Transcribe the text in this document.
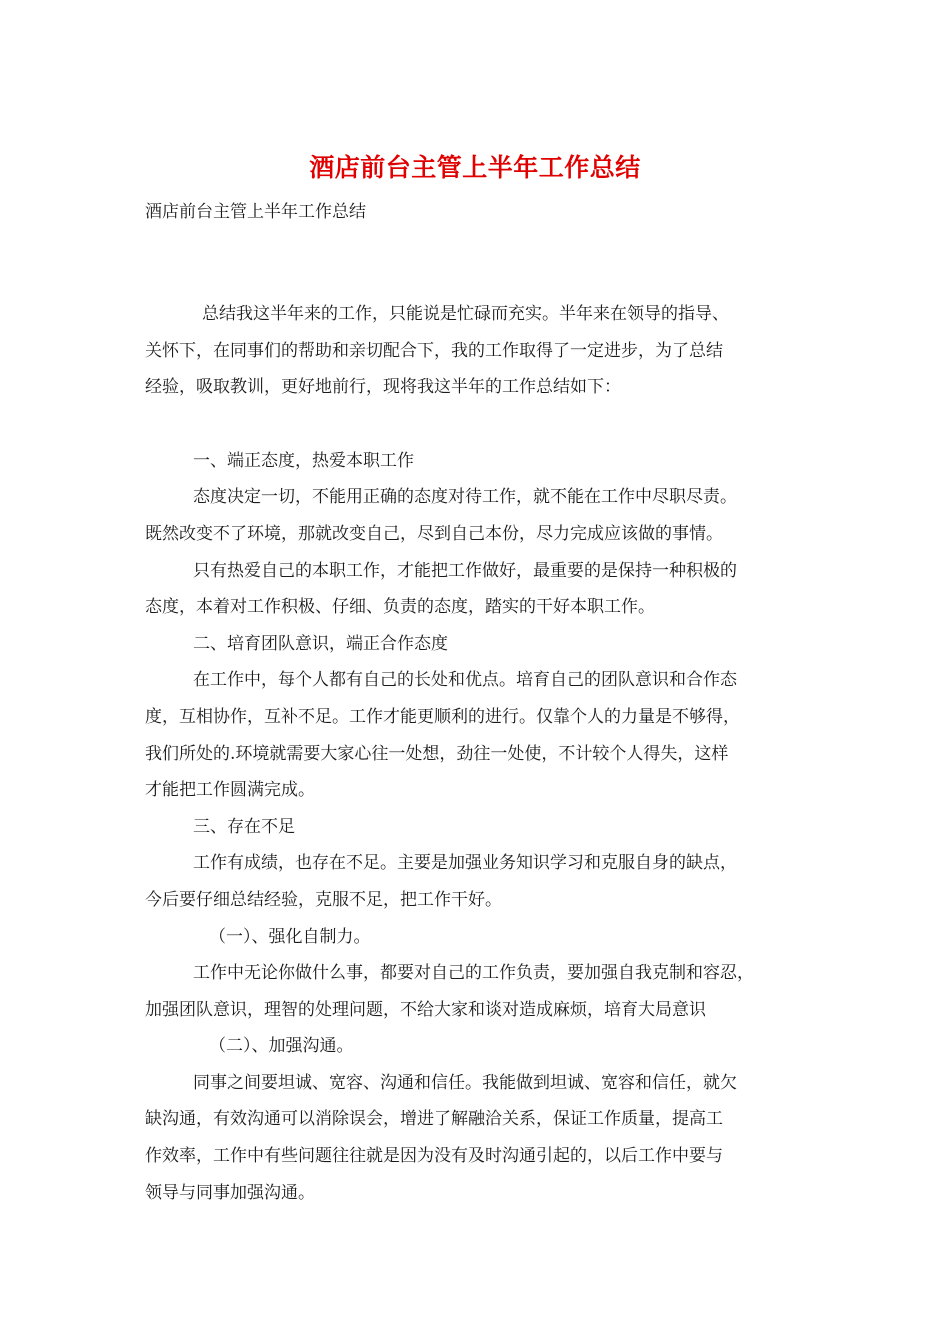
酒店前台主管上半年工作总结
酒店前台主管上半年工作总结

总结我这半年来的工作，只能说是忙碌而充实。半年来在领导的指导、

关怀下，在同事们的帮助和亲切配合下，我的工作取得了一定进步，为了总结

经验，吸取教训，更好地前行，现将我这半年的工作总结如下：

一、端正态度，热爱本职工作

态度决定一切，不能用正确的态度对待工作，就不能在工作中尽职尽责。

既然改变不了环境，那就改变自己，尽到自己本份，尽力完成应该做的事情。

只有热爱自己的本职工作，才能把工作做好，最重要的是保持一种积极的

态度，本着对工作积极、仔细、负责的态度，踏实的干好本职工作。

二、培育团队意识，端正合作态度

在工作中，每个人都有自己的长处和优点。培育自己的团队意识和合作态

度，互相协作，互补不足。工作才能更顺利的进行。仅靠个人的力量是不够得，

我们所处的.环境就需要大家心往一处想，劲往一处使，不计较个人得失，这样

才能把工作圆满完成。

三、存在不足

工作有成绩，也存在不足。主要是加强业务知识学习和克服自身的缺点，

今后要仔细总结经验，克服不足，把工作干好。

（一）、强化自制力。

工作中无论你做什么事，都要对自己的工作负责，要加强自我克制和容忍，

加强团队意识，理智的处理问题，不给大家和谈对造成麻烦，培育大局意识

（二）、加强沟通。

同事之间要坦诚、宽容、沟通和信任。我能做到坦诚、宽容和信任，就欠

缺沟通，有效沟通可以消除误会，增进了解融洽关系，保证工作质量，提高工

作效率，工作中有些问题往往就是因为没有及时沟通引起的，以后工作中要与

领导与同事加强沟通。
